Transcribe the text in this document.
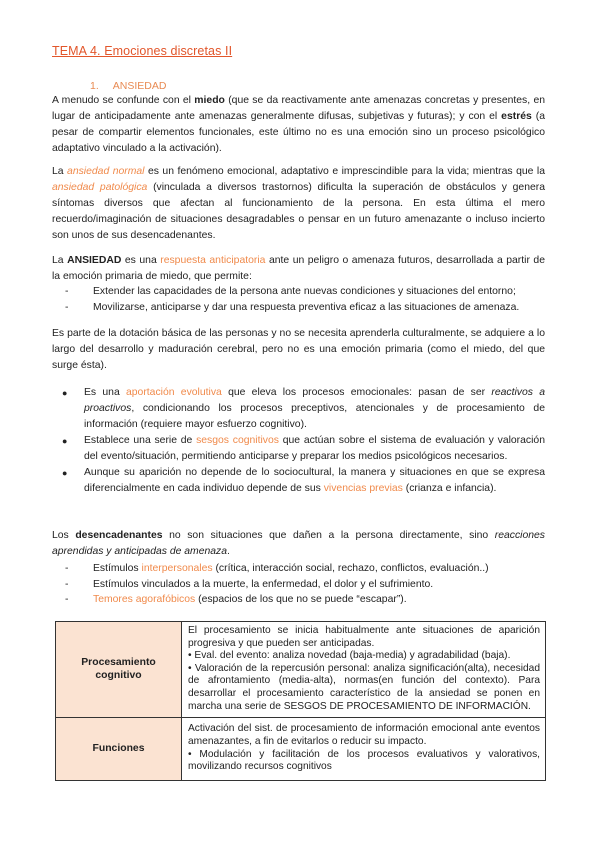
TEMA 4. Emociones discretas II
1. ANSIEDAD
A menudo se confunde con el miedo (que se da reactivamente ante amenazas concretas y presentes, en lugar de anticipadamente ante amenazas generalmente difusas, subjetivas y futuras); y con el estrés (a pesar de compartir elementos funcionales, este último no es una emoción sino un proceso psicológico adaptativo vinculado a la activación).
La ansiedad normal es un fenómeno emocional, adaptativo e imprescindible para la vida; mientras que la ansiedad patológica (vinculada a diversos trastornos) dificulta la superación de obstáculos y genera síntomas diversos que afectan al funcionamiento de la persona. En esta última el mero recuerdo/imaginación de situaciones desagradables o pensar en un futuro amenazante o incluso incierto son unos de sus desencadenantes.
La ANSIEDAD es una respuesta anticipatoria ante un peligro o amenaza futuros, desarrollada a partir de la emoción primaria de miedo, que permite:
-	Extender las capacidades de la persona ante nuevas condiciones y situaciones del entorno;
-	Movilizarse, anticiparse y dar una respuesta preventiva eficaz a las situaciones de amenaza.
Es parte de la dotación básica de las personas y no se necesita aprenderla culturalmente, se adquiere a lo largo del desarrollo y maduración cerebral, pero no es una emoción primaria (como el miedo, del que surge ésta).
●	Es una aportación evolutiva que eleva los procesos emocionales: pasan de ser reactivos a proactivos, condicionando los procesos preceptivos, atencionales y de procesamiento de información (requiere mayor esfuerzo cognitivo).
●	Establece una serie de sesgos cognitivos que actúan sobre el sistema de evaluación y valoración del evento/situación, permitiendo anticiparse y preparar los medios psicológicos necesarios.
●	Aunque su aparición no depende de lo sociocultural, la manera y situaciones en que se expresa diferencialmente en cada individuo depende de sus vivencias previas (crianza e infancia).
Los desencadenantes no son situaciones que dañen a la persona directamente, sino reacciones aprendidas y anticipadas de amenaza.
-	Estímulos interpersonales (crítica, interacción social, rechazo, conflictos, evaluación..)
-	Estímulos vinculados a la muerte, la enfermedad, el dolor y el sufrimiento.
-	Temores agorafóbicos (espacios de los que no se puede “escapar”).
Procesamiento cognitivo	El procesamiento se inicia habitualmente ante situaciones de aparición progresiva y que pueden ser anticipadas.
• Eval. del evento: analiza novedad (baja-media) y agradabilidad (baja).
• Valoración de la repercusión personal: analiza significación(alta), necesidad de afrontamiento (media-alta), normas(en función del contexto). Para desarrollar el procesamiento característico de la ansiedad se ponen en marcha una serie de SESGOS DE PROCESAMIENTO DE INFORMACIÓN.

Funciones	Activación del sist. de procesamiento de información emocional ante eventos amenazantes, a fin de evitarlos o reducir su impacto.
• Modulación y facilitación de los procesos evaluativos y valorativos, movilizando recursos cognitivos
